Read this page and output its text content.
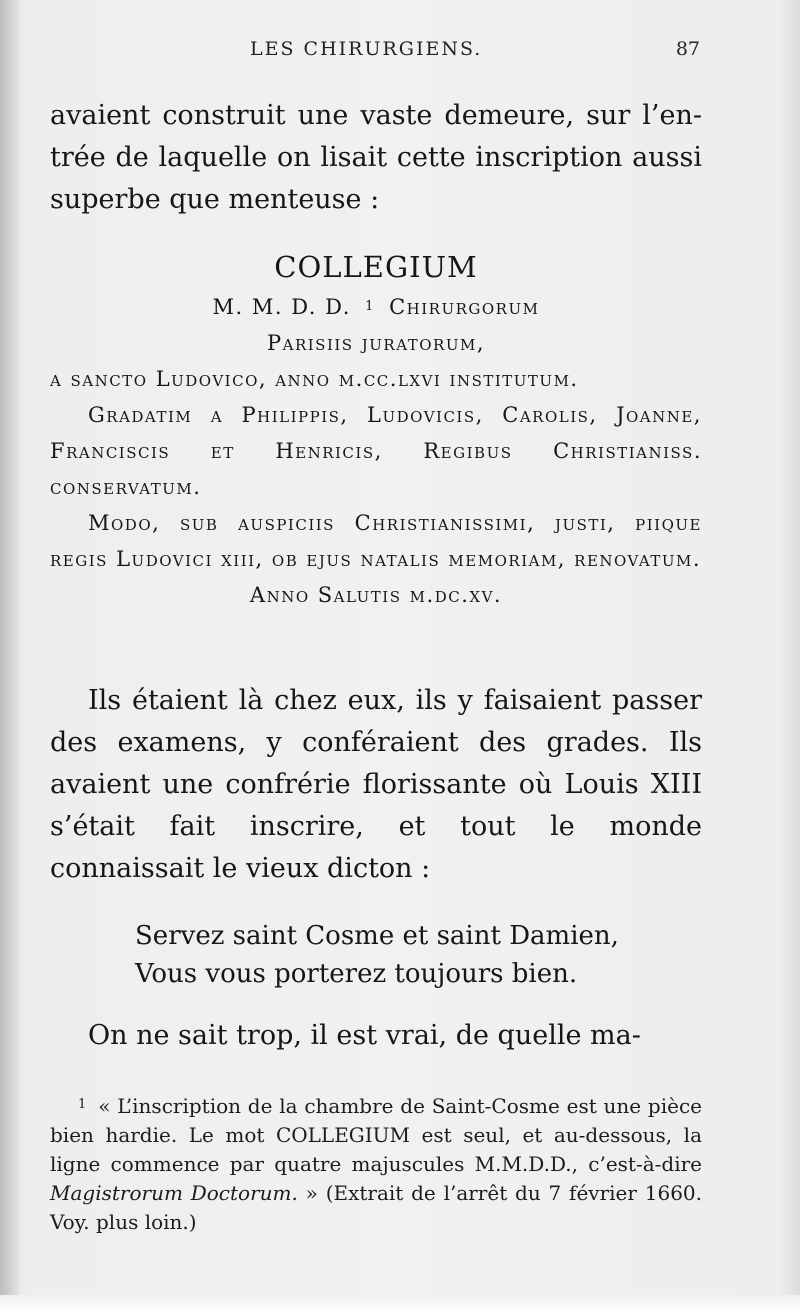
LES CHIRURGIENS.	87

avaient construit une vaste demeure, sur l’en-trée de laquelle on lisait cette inscription aussi superbe que menteuse :

COLLEGIUM
M. M. D. D. $^1$ Chirurgorum
Parisiis juratorum,
a sancto Ludovico, anno m.cc.lxvi institutum.
Gradatim a Philippis, Ludovicis, Carolis, Joanne, Franciscis et Henricis, Regibus Christianiss. conservatum.
Modo, sub auspiciis Christianissimi, justi, piique regis Ludovici xiii, ob ejus natalis memoriam, renovatum.
Anno Salutis m.dc.xv.

Ils étaient là chez eux, ils y faisaient passer des examens, y conféraient des grades. Ils avaient une confrérie florissante où Louis XIII s’était fait inscrire, et tout le monde connaissait le vieux dicton :

Servez saint Cosme et saint Damien,
Vous vous porterez toujours bien.

On ne sait trop, il est vrai, de quelle ma-

$^1$ « L’inscription de la chambre de Saint-Cosme est une pièce bien hardie. Le mot COLLEGIUM est seul, et au-dessous, la ligne commence par quatre majuscules M.M.D.D., c’est-à-dire Magistrorum Doctorum. » (Extrait de l’arrêt du 7 février 1660. Voy. plus loin.)
